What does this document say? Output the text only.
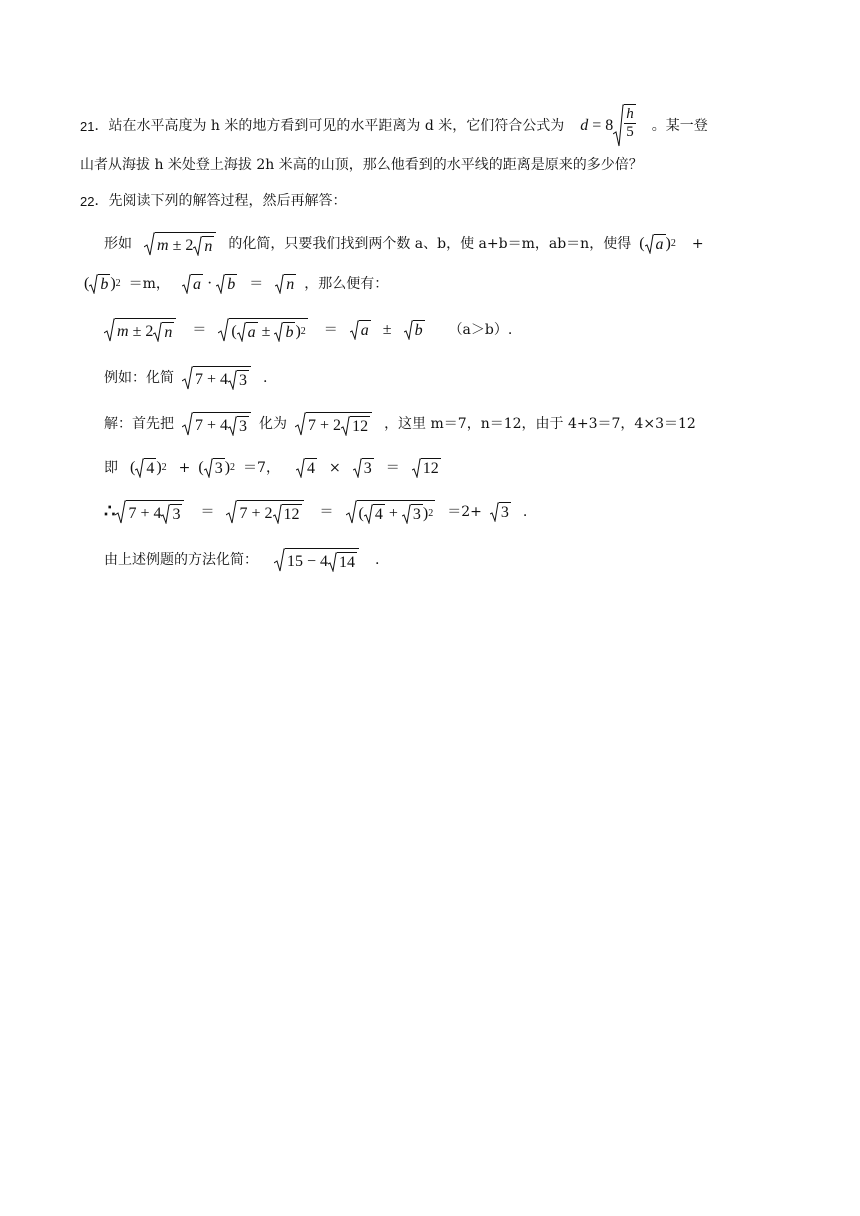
21 ． 站在水平高度为 h 米的地方看到可见的水平距离为 d 米，它们符合公式为 $d = 8 \frac{h}{5}$ 。某一登
山者从海拔 h 米处登上海拔 2h 米高的山顶，那么他看到的水平线的距离是原来的多少倍？
22 ． 先阅读下列的解答过程，然后再解答：
形如 m ± 2 n 的化简，只要我们找到两个数 a、b，使 a+b＝m，ab＝n，使得 ( a ) 2 +
( b ) 2 ＝m， a · b ＝ n ，那么便有：
m ± 2 n ＝ ( a ± b ) 2 ＝ a ± b （a＞b）.
例如：化简 7 + 4 3 .
解：首先把 7 + 4 3 化为 7 + 2 12 ，这里 m＝7，n＝12，由于 4+3＝7，4×3＝12
即 ( 4 ) 2 + ( 3 ) 2 ＝7， 4 × 3 ＝ 12
∴ 7 + 4 3 ＝ 7 + 2 12 ＝ ( 4 + 3 ) 2 ＝2+ 3 .
由上述例题的方法化简： 15 − 4 14 .
